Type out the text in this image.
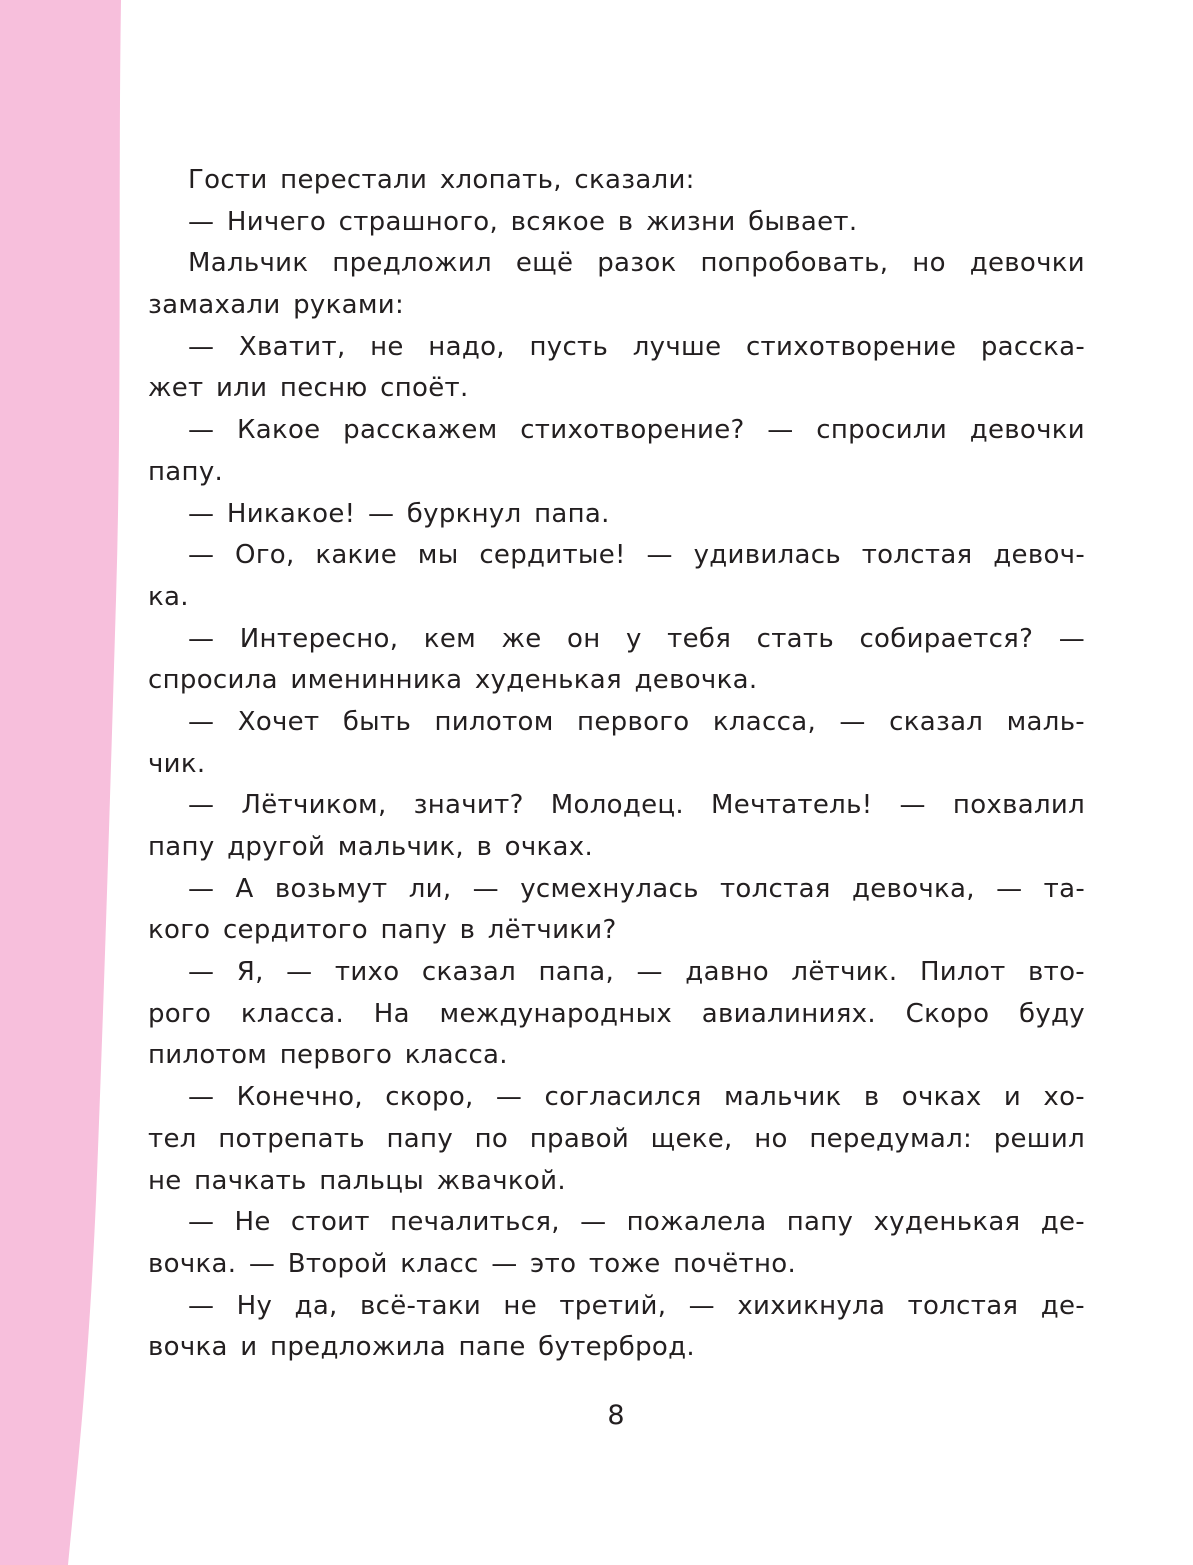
Гости перестали хлопать, сказали:
— Ничего страшного, всякое в жизни бывает.
Мальчик предложил ещё разок попробовать, но девочки
замахали руками:
— Хватит, не надо, пусть лучше стихотворение расска-
жет или песню споёт.
— Какое расскажем стихотворение? — спросили девочки
папу.
— Никакое! — буркнул папа.
— Ого, какие мы сердитые! — удивилась толстая девоч-
ка.
— Интересно, кем же он у тебя стать собирается? —
спросила именинника худенькая девочка.
— Хочет быть пилотом первого класса, — сказал маль-
чик.
— Лётчиком, значит? Молодец. Мечтатель! — похвалил
папу другой мальчик, в очках.
— А возьмут ли, — усмехнулась толстая девочка, — та-
кого сердитого папу в лётчики?
— Я, — тихо сказал папа, — давно лётчик. Пилот вто-
рого класса. На международных авиалиниях. Скоро буду
пилотом первого класса.
— Конечно, скоро, — согласился мальчик в очках и хо-
тел потрепать папу по правой щеке, но передумал: решил
не пачкать пальцы жвачкой.
— Не стоит печалиться, — пожалела папу худенькая де-
вочка. — Второй класс — это тоже почётно.
— Ну да, всё-таки не третий, — хихикнула толстая де-
вочка и предложила папе бутерброд.
8
